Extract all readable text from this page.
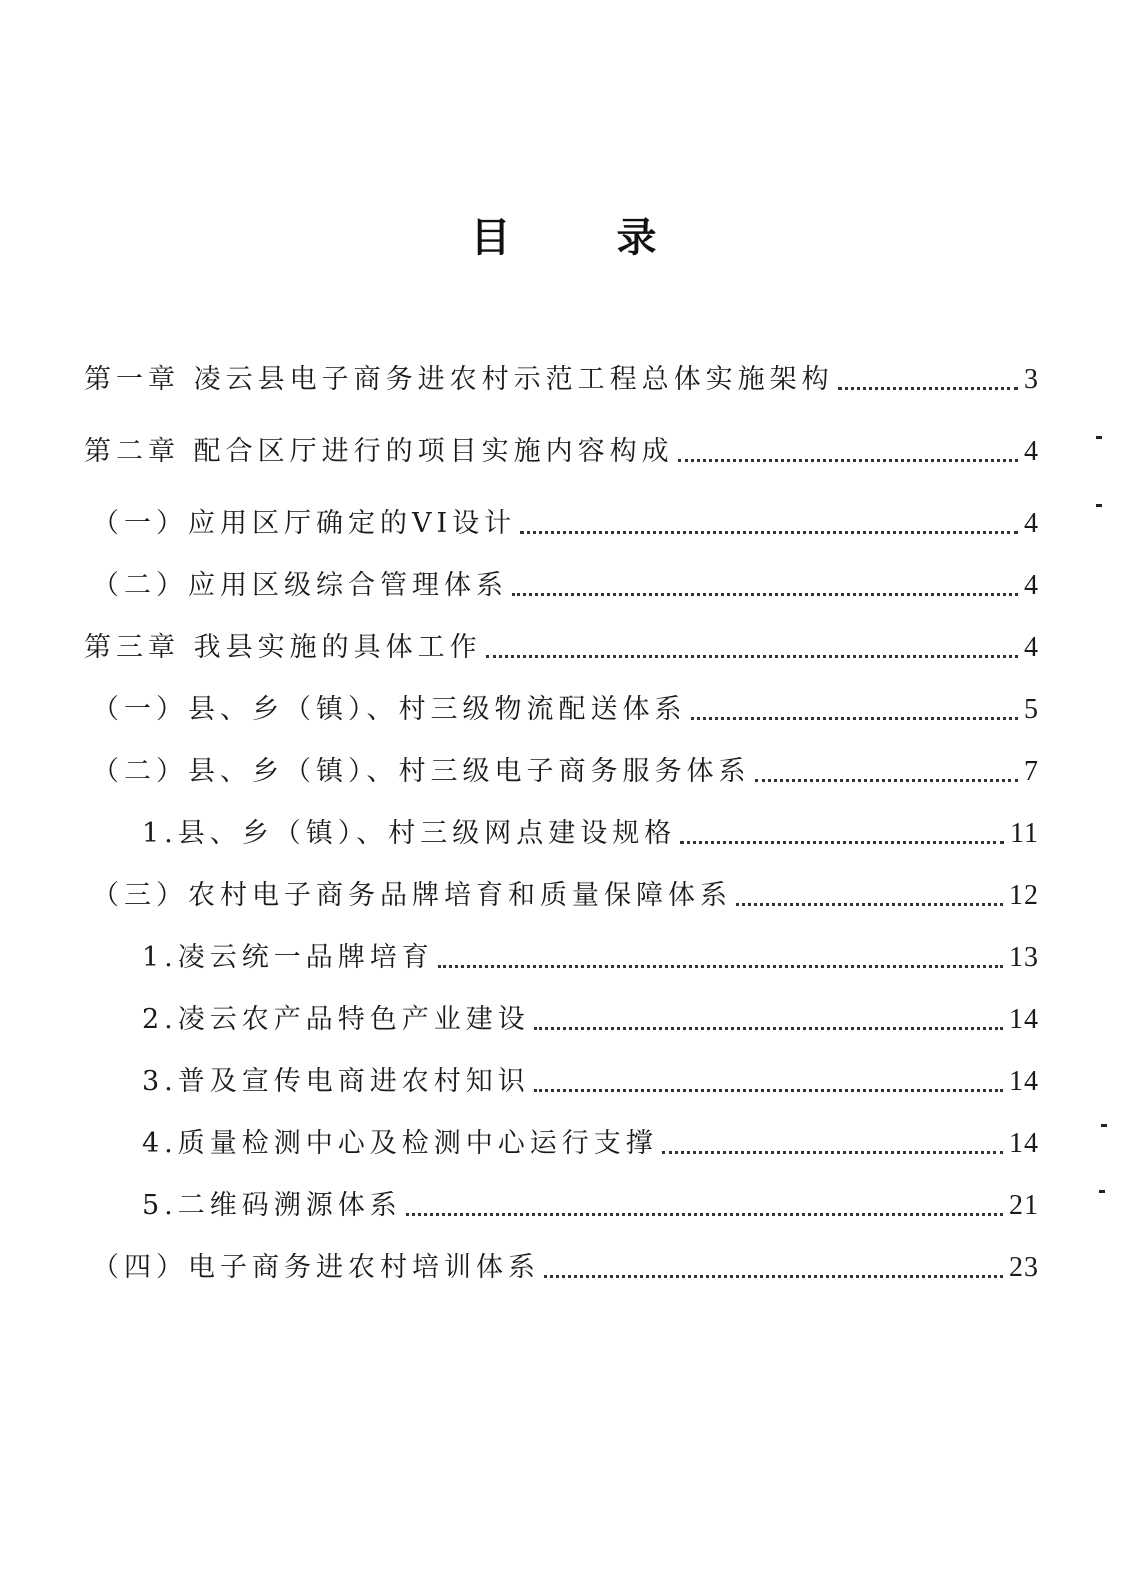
目 录
第一章 凌云县电子商务进农村示范工程总体实施架构	3
第二章 配合区厅进行的项目实施内容构成	4
（一）应用区厅确定的VI设计	4
（二）应用区级综合管理体系	4
第三章 我县实施的具体工作	4
（一）县、乡（镇）、村三级物流配送体系	5
（二）县、乡（镇）、村三级电子商务服务体系	7
1.县、乡（镇）、村三级网点建设规格	11
（三）农村电子商务品牌培育和质量保障体系	12
1.凌云统一品牌培育	13
2.凌云农产品特色产业建设	14
3.普及宣传电商进农村知识	14
4.质量检测中心及检测中心运行支撑	14
5.二维码溯源体系	21
（四）电子商务进农村培训体系	23
